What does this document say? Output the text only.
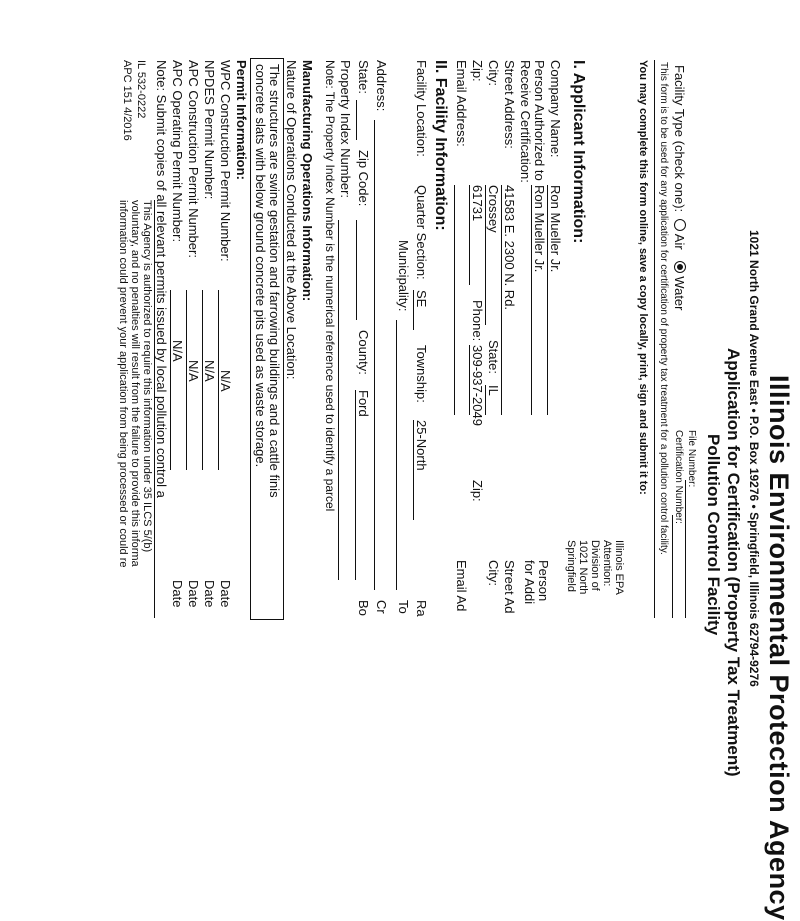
Illinois Environmental Protection Agency
1021 North Grand Avenue East • P.O. Box 19276 • Springfield, Illinois 62794-9276
Application for Certification (Property Tax Treatment)
Pollution Control Facility
File Number:
Certification Number:
Facility Type (check one): Air Water
This form is to be used for any application for certification of property tax treatment for a pollution control facility.
You may complete this form online, save a copy locally, print, sign and submit it to:
Illinois EPA
Attention:
Division of
1021 North
Springfield
I. Applicant Information:
Company Name:
Ron Mueller Jr.
Person Authorized to
Receive Certification:
Ron Mueller Jr.
Street Address:
41583 E. 2300 N. Rd.
City:
Crossey
State:
IL
Zip:
61731
Phone:
309-937-2049
Email Address:
Person
for Addi
Street Ad
City:
Zip:
Email Ad
II. Facility Information:
Facility Location:
Quarter Section:
SE
Township:
25-North
Ra
Municipality:
To
Address:
Cr
State:
Zip Code:
County:
Ford
Bo
Property Index Number:
Note: The Property Index Number is the numerical reference used to identify a parcel
Manufacturing Operations Information:
Nature of Operations Conducted at the Above Location:
The structures are swine gestation and farrowing buildings and a cattle finis
concrete slats with below ground concrete pits used as waste storage.
Permit Information:
WPC Construction Permit Number:
N/A
Date
NPDES Permit Number:
N/A
Date
APC Construction Permit Number:
N/A
Date
APC Operating Permit Number:
N/A
Date
Note: Submit copies of all relevant permits issued by local pollution control a
This Agency is authorized to require this information under 35 ILCS 5/(b)
voluntary, and no penalties will result from the failure to provide this informa
information could prevent your application from being processed or could re
IL 532-0222
APC 151 4/2016
